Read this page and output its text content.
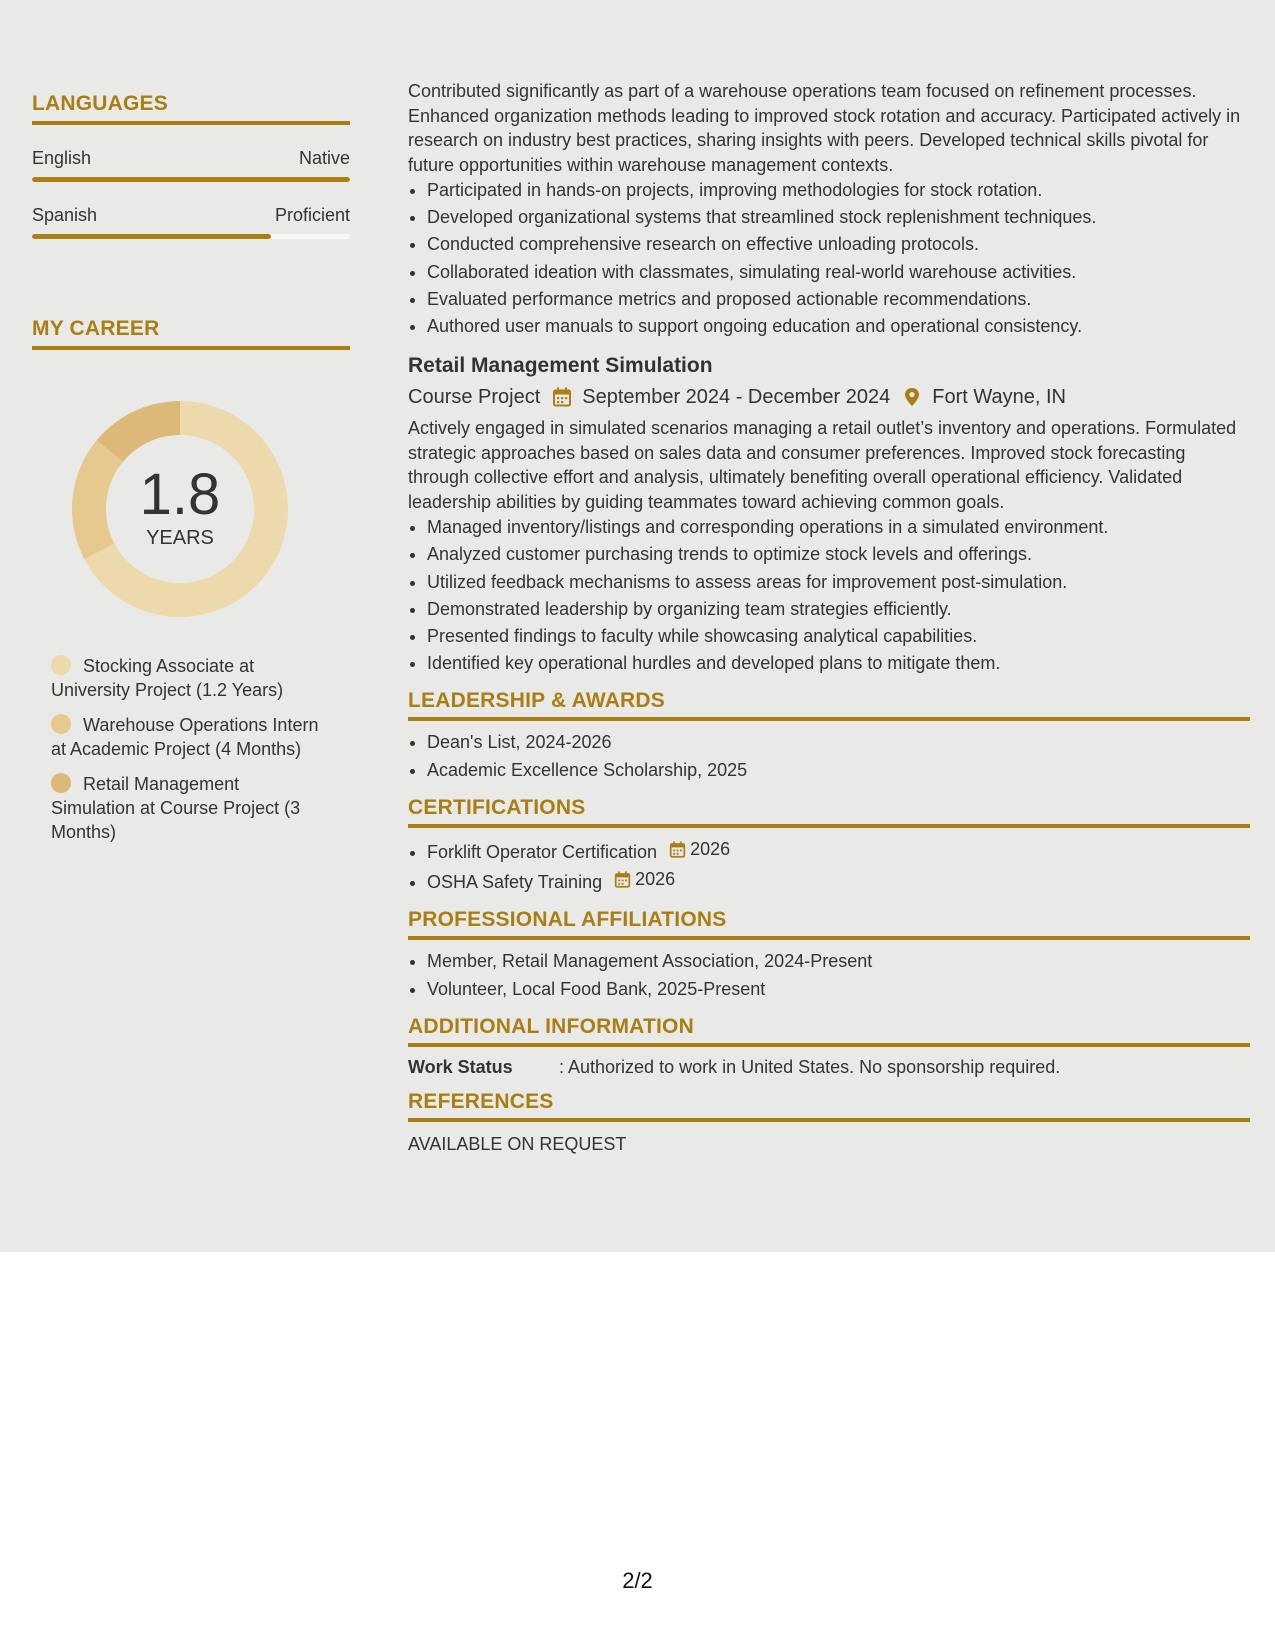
LANGUAGES
English	Native
Spanish	Proficient
MY CAREER
1.8
YEARS
Stocking Associate at University Project (1.2 Years)
Warehouse Operations Intern at Academic Project (4 Months)
Retail Management Simulation at Course Project (3 Months)

Contributed significantly as part of a warehouse operations team focused on refinement processes. Enhanced organization methods leading to improved stock rotation and accuracy. Participated actively in research on industry best practices, sharing insights with peers. Developed technical skills pivotal for future opportunities within warehouse management contexts.

• Participated in hands-on projects, improving methodologies for stock rotation.
• Developed organizational systems that streamlined stock replenishment techniques.
• Conducted comprehensive research on effective unloading protocols.
• Collaborated ideation with classmates, simulating real-world warehouse activities.
• Evaluated performance metrics and proposed actionable recommendations.
• Authored user manuals to support ongoing education and operational consistency.
Retail Management Simulation
Course Project September 2024 - December 2024 Fort Wayne, IN

Actively engaged in simulated scenarios managing a retail outlet’s inventory and operations. Formulated strategic approaches based on sales data and consumer preferences. Improved stock forecasting through collective effort and analysis, ultimately benefiting overall operational efficiency. Validated leadership abilities by guiding teammates toward achieving common goals.

• Managed inventory/listings and corresponding operations in a simulated environment.
• Analyzed customer purchasing trends to optimize stock levels and offerings.
• Utilized feedback mechanisms to assess areas for improvement post-simulation.
• Demonstrated leadership by organizing team strategies efficiently.
• Presented findings to faculty while showcasing analytical capabilities.
• Identified key operational hurdles and developed plans to mitigate them.
LEADERSHIP & AWARDS
• Dean's List, 2024-2026
• Academic Excellence Scholarship, 2025
CERTIFICATIONS
• Forklift Operator Certification 2026
• OSHA Safety Training 2026
PROFESSIONAL AFFILIATIONS
• Member, Retail Management Association, 2024-Present
• Volunteer, Local Food Bank, 2025-Present
ADDITIONAL INFORMATION
Work Status	: Authorized to work in United States. No sponsorship required.
REFERENCES
AVAILABLE ON REQUEST
2/2
